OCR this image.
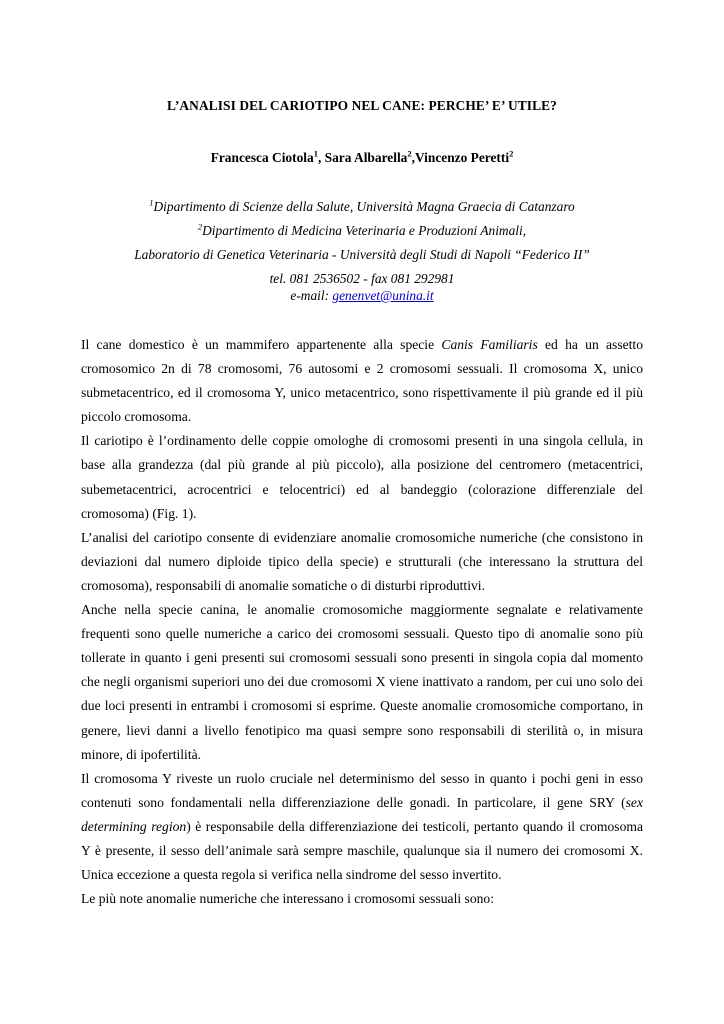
L’ANALISI DEL CARIOTIPO NEL CANE: PERCHE’ E’ UTILE?
Francesca Ciotola$^1$, Sara Albarella$^2$,Vincenzo Peretti$^2$
$^1$Dipartimento di Scienze della Salute, Università Magna Graecia di Catanzaro
$^2$Dipartimento di Medicina Veterinaria e Produzioni Animali,
Laboratorio di Genetica Veterinaria - Università degli Studi di Napoli “Federico II”
tel. 081 2536502 - fax 081 292981
e-mail: genenvet@unina.it

Il cane domestico è un mammifero appartenente alla specie Canis Familiaris ed ha un assetto cromosomico 2n di 78 cromosomi, 76 autosomi e 2 cromosomi sessuali. Il cromosoma X, unico submetacentrico, ed il cromosoma Y, unico metacentrico, sono rispettivamente il più grande ed il più piccolo cromosoma.

Il cariotipo è l’ordinamento delle coppie omologhe di cromosomi presenti in una singola cellula, in base alla grandezza (dal più grande al più piccolo), alla posizione del centromero (metacentrici, subemetacentrici, acrocentrici e telocentrici) ed al bandeggio (colorazione differenziale del cromosoma) (Fig. 1).

L’analisi del cariotipo consente di evidenziare anomalie cromosomiche numeriche (che consistono in deviazioni dal numero diploide tipico della specie) e strutturali (che interessano la struttura del cromosoma), responsabili di anomalie somatiche o di disturbi riproduttivi.

Anche nella specie canina, le anomalie cromosomiche maggiormente segnalate e relativamente frequenti sono quelle numeriche a carico dei cromosomi sessuali. Questo tipo di anomalie sono più tollerate in quanto i geni presenti sui cromosomi sessuali sono presenti in singola copia dal momento che negli organismi superiori uno dei due cromosomi X viene inattivato a random, per cui uno solo dei due loci presenti in entrambi i cromosomi si esprime. Queste anomalie cromosomiche comportano, in genere, lievi danni a livello fenotipico ma quasi sempre sono responsabili di sterilità o, in misura minore, di ipofertilità.

Il cromosoma Y riveste un ruolo cruciale nel determinismo del sesso in quanto i pochi geni in esso contenuti sono fondamentali nella differenziazione delle gonadi. In particolare, il gene SRY (sex determining region) è responsabile della differenziazione dei testicoli, pertanto quando il cromosoma Y è presente, il sesso dell’animale sarà sempre maschile, qualunque sia il numero dei cromosomi X. Unica eccezione a questa regola si verifica nella sindrome del sesso invertito.

Le più note anomalie numeriche che interessano i cromosomi sessuali sono:
